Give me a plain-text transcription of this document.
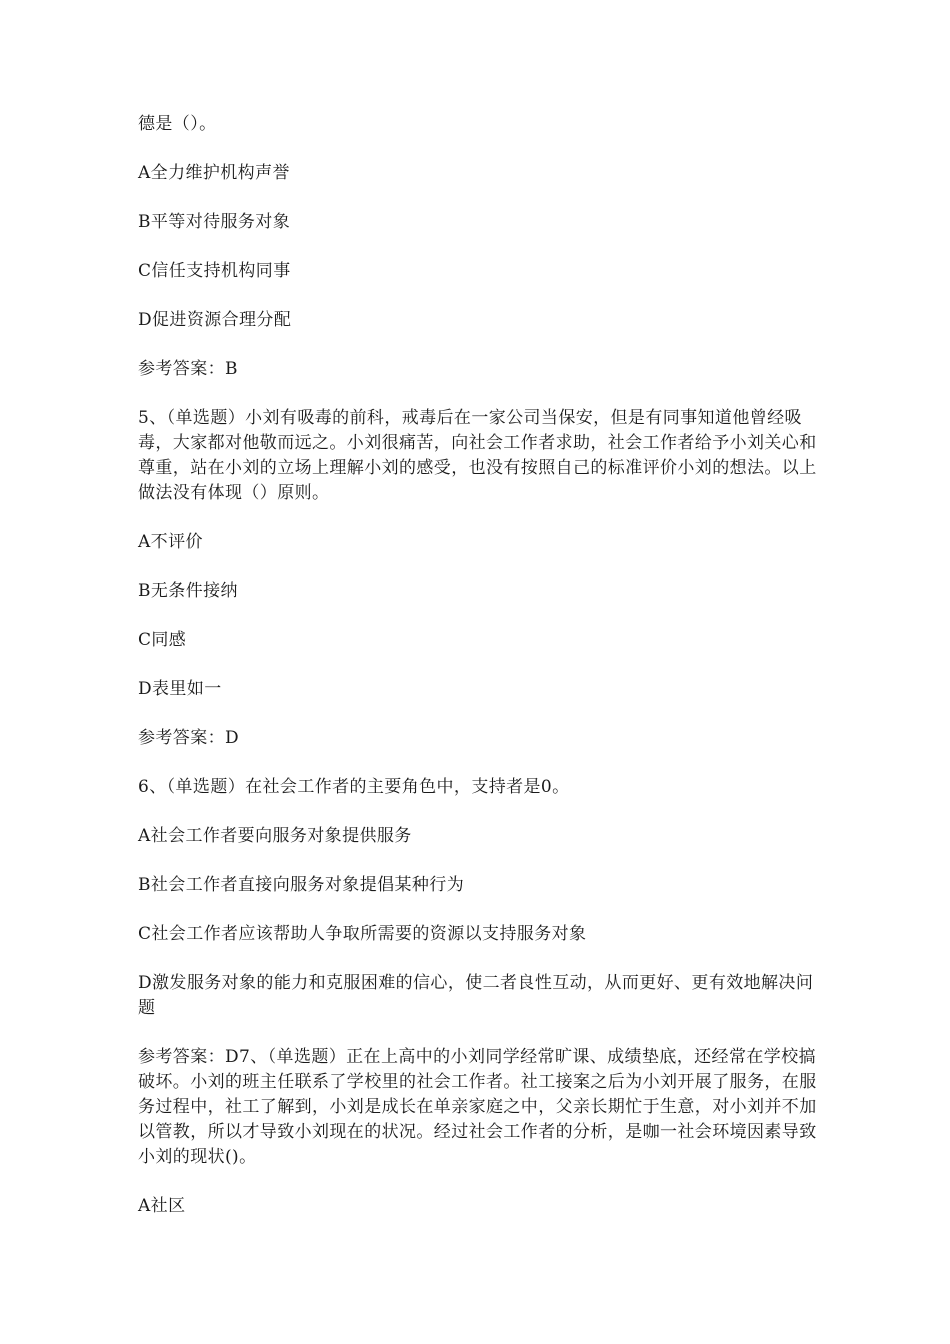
德是（）。

A全力维护机构声誉

B平等对待服务对象

C信任支持机构同事

D促进资源合理分配

参考答案：B

5、（单选题）小刘有吸毒的前科，戒毒后在一家公司当保安，但是有同事知道他曾经吸毒，大家都对他敬而远之。小刘很痛苦，向社会工作者求助，社会工作者给予小刘关心和尊重，站在小刘的立场上理解小刘的感受，也没有按照自己的标准评价小刘的想法。以上做法没有体现（）原则。

A不评价

B无条件接纳

C同感

D表里如一

参考答案：D

6、（单选题）在社会工作者的主要角色中，支持者是0。

A社会工作者要向服务对象提供服务

B社会工作者直接向服务对象提倡某种行为

C社会工作者应该帮助人争取所需要的资源以支持服务对象

D激发服务对象的能力和克服困难的信心，使二者良性互动，从而更好、更有效地解决问题

参考答案：D7、（单选题）正在上高中的小刘同学经常旷课、成绩垫底，还经常在学校搞破坏。小刘的班主任联系了学校里的社会工作者。社工接案之后为小刘开展了服务，在服务过程中，社工了解到，小刘是成长在单亲家庭之中，父亲长期忙于生意，对小刘并不加以管教，所以才导致小刘现在的状况。经过社会工作者的分析，是咖一社会环境因素导致小刘的现状()。

A社区
